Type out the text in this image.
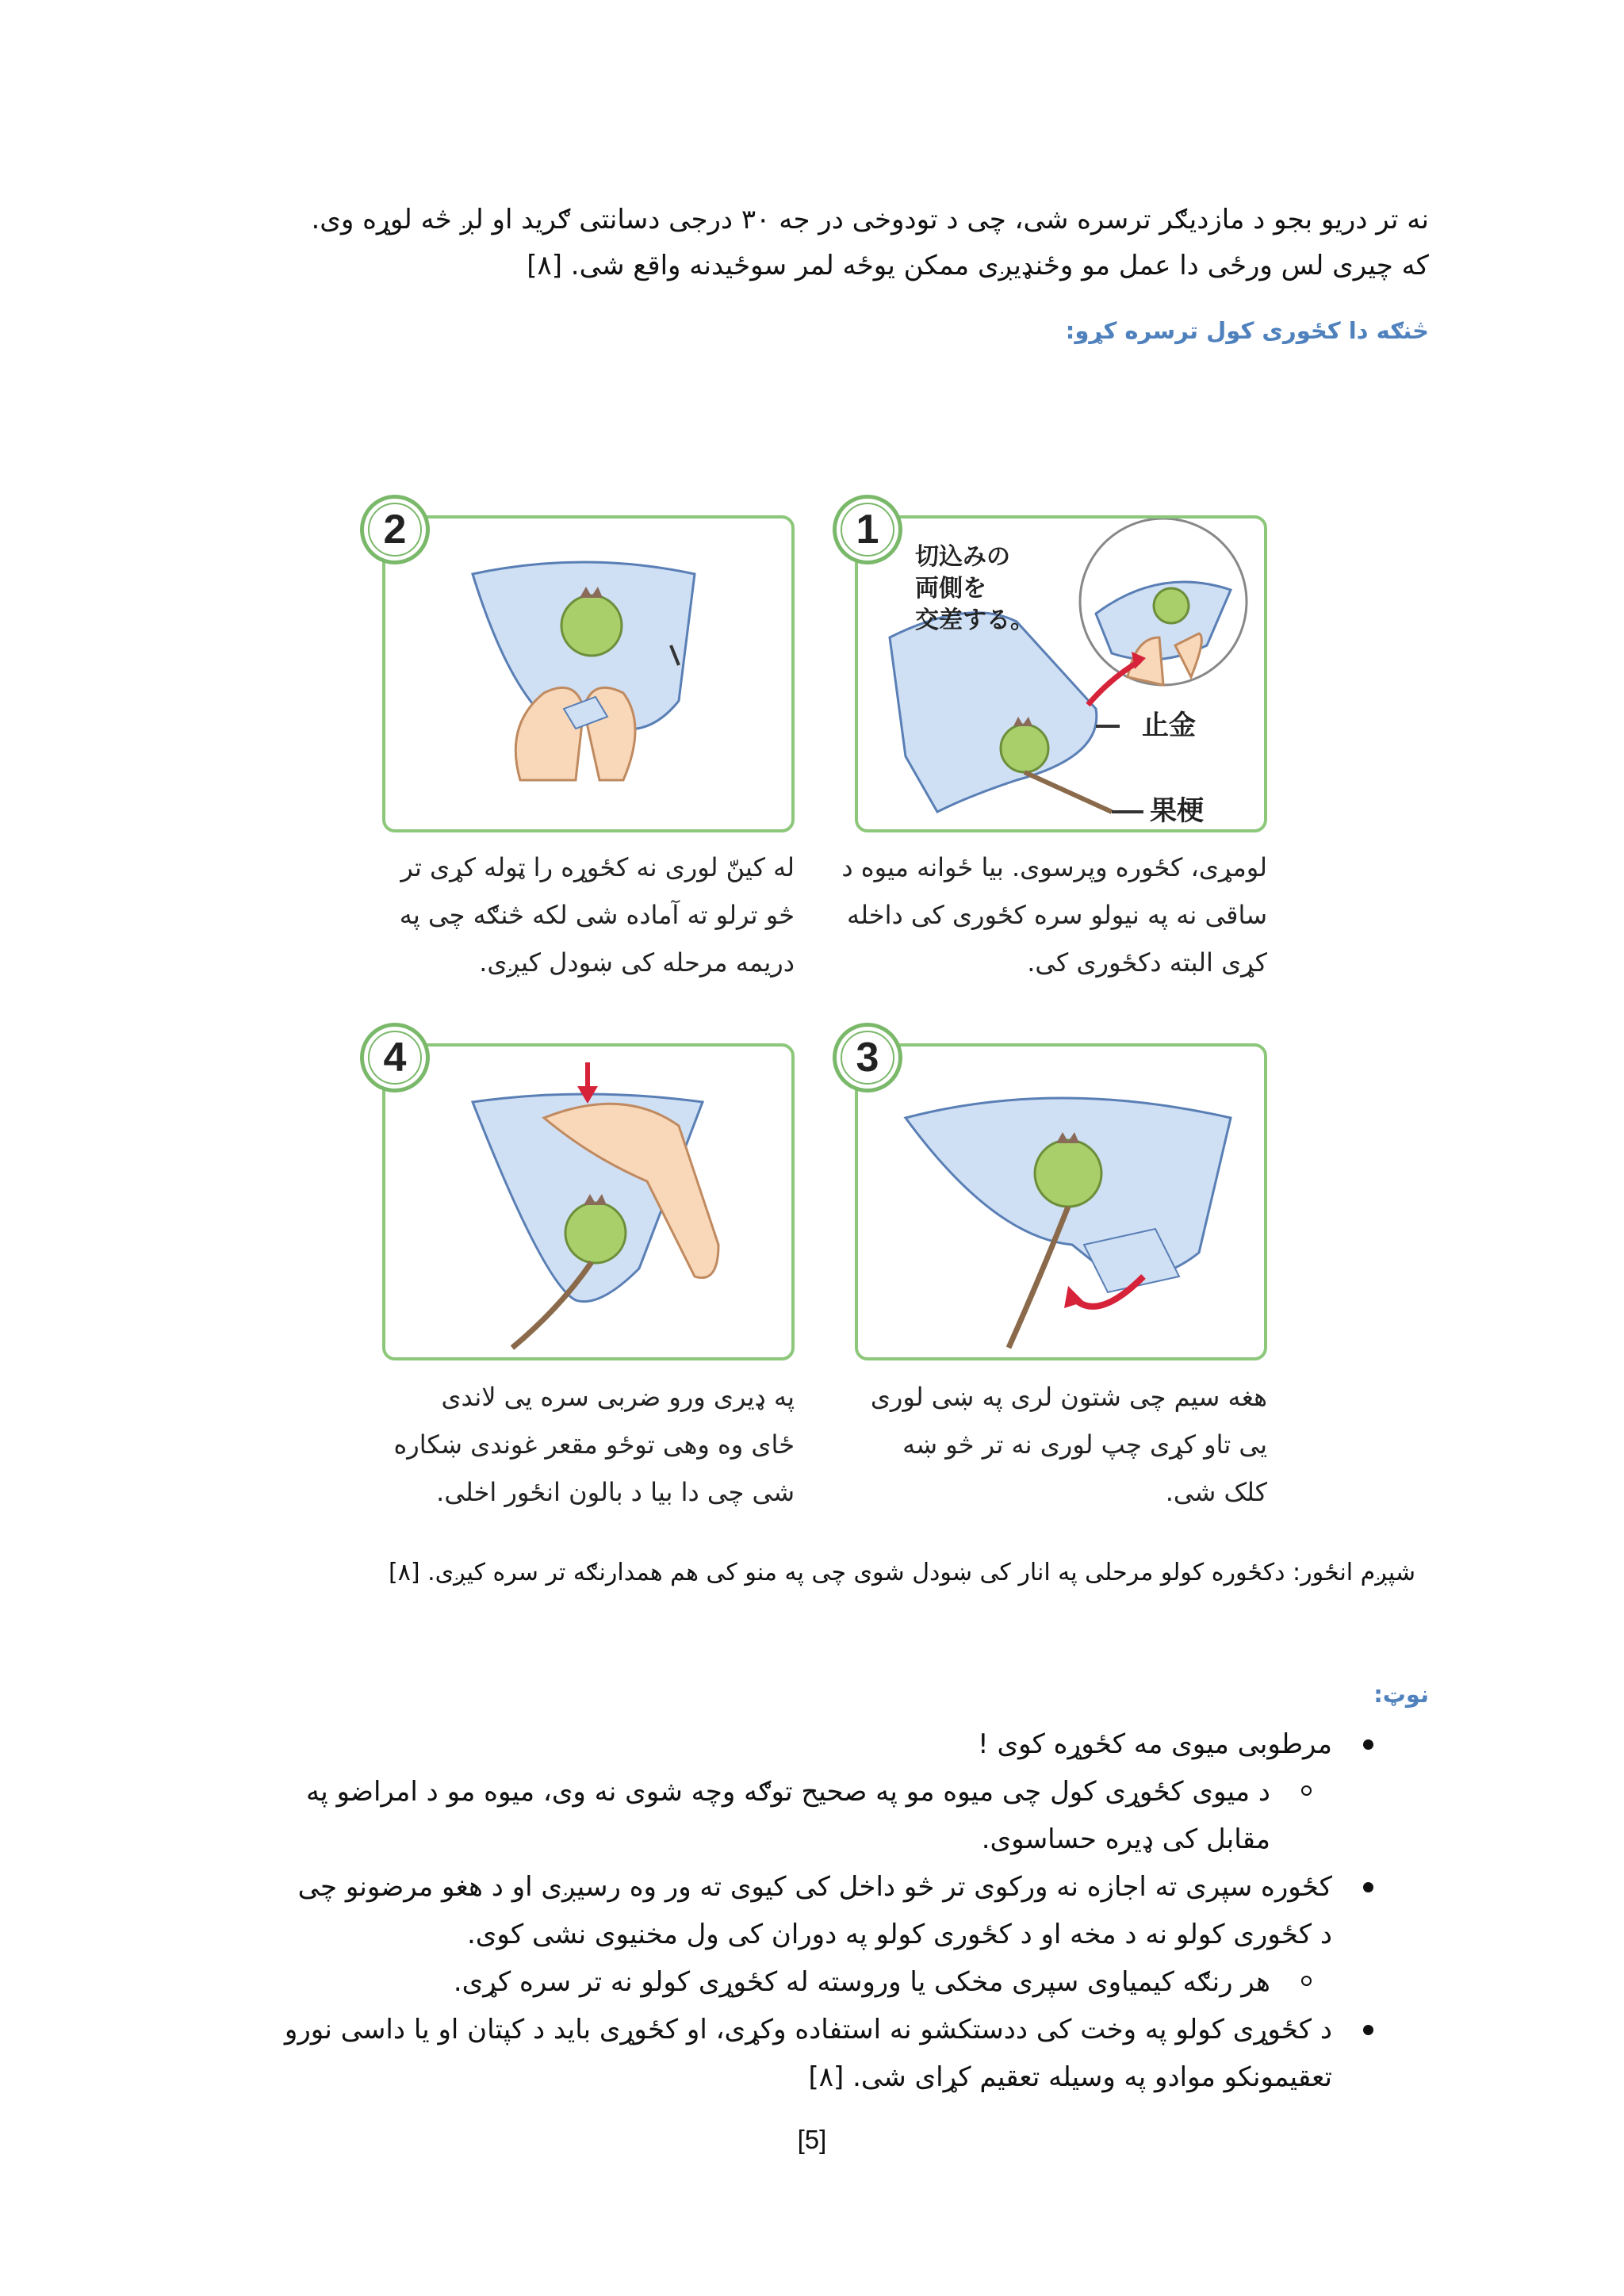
نه تر دريو بجو د مازديګر ترسره شی، چی د تودوخی در جه ۳۰ درجی دسانتی ګريد او لږ څه لوړه وی.
که چيری لس ورځی دا عمل مو وځنډيږی ممکن يوځه لمر سوځيدنه واقع شی. [۸]
څنګه دا کځوری کول ترسره کړو:
2
切込みの
両側を
交差する。
止金
果梗
1
له کينّ لوری نه کځوړه را ټوله کړی تر
څو ترلو ته آماده شی لکه څنګه چی په
دريمه مرحله کی ښودل کيږی.
لومړی، کځوره وپرسوی. بيا ځوانه ميوه د
ساقی نه په نيولو سره کځوری کی داخله
کړی البته دکځوری کی.
4	3
په ډيری ورو ضربی سره يی لاندی
ځای وه وهی توځو مقعر غوندی ښکاره
شی چی دا بيا د بالون انځور اخلی.
هغه سيم چی شتون لری په ښی لوری
يی تاو کړی چپ لوری نه تر څو ښه
کلک شی.
شپږم انځور: دکځوره کولو مرحلی په انار کی ښودل شوی چی په منو کی هم همدارنګه تر سره کيږی. [۸]
نوټ:
مرطوبی ميوی مه کځوړه کوی !
د ميوی کځوړی کول چی ميوه مو په صحيح توګه وچه شوی نه وی، ميوه مو د امراضو په
مقابل کی ډيره حساسوی.
کځوره سپری ته اجازه نه ورکوی تر څو داخل کی کيوی ته ور وه رسيږی او د هغو مرضونو چی
د کځوری کولو نه د مخه او د کځوری کولو په دوران کی ول مخنيوی نشی کوی.
هر رنګه کيمياوی سپری مخکی يا وروسته له کځوړی کولو نه تر سره کړی.
د کځوړی کولو په وخت کی ددستکشو نه استفاده وکړی، او کځوړی بايد د کپتان او يا داسی نورو
تعقيمونکو موادو په وسيله تعقيم کړای شی. [۸]
[5]
